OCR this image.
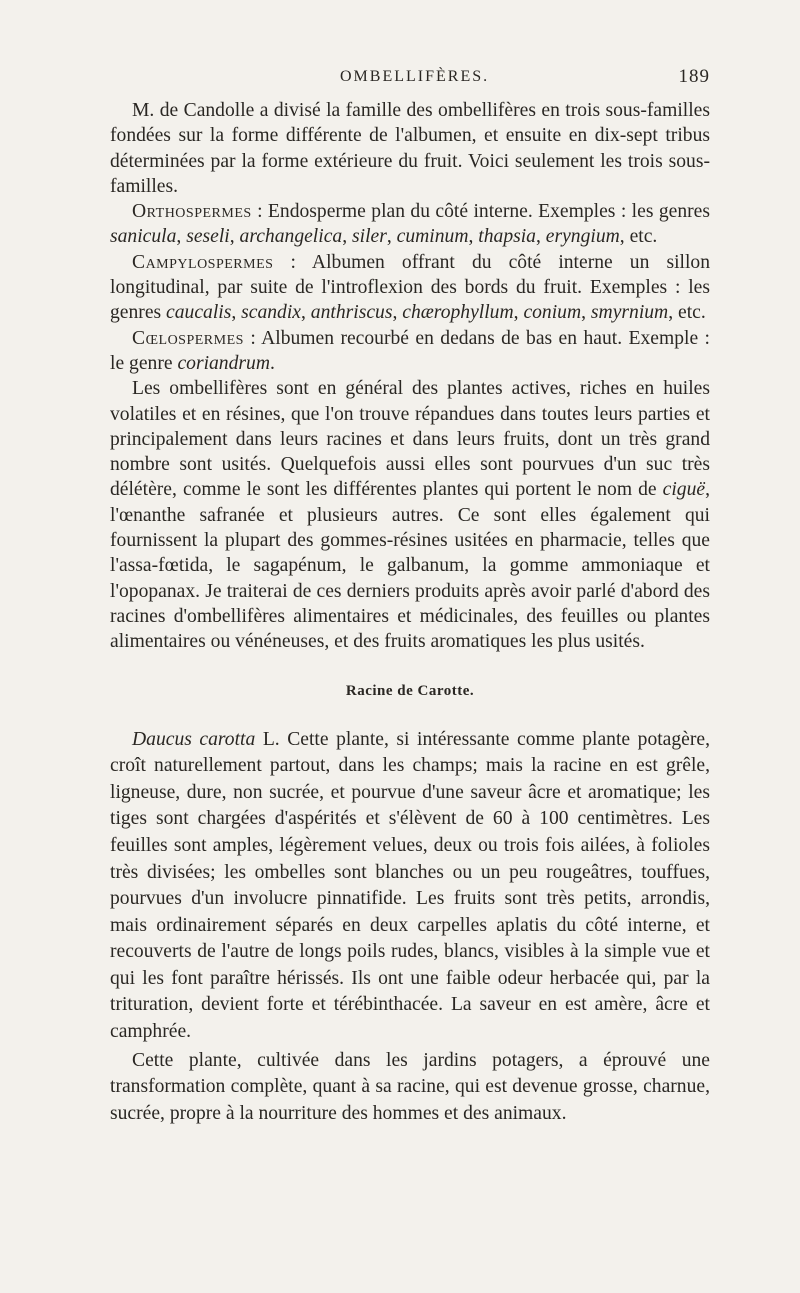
OMBELLIFÈRES.	189

M. de Candolle a divisé la famille des ombellifères en trois sous-familles fondées sur la forme différente de l'albumen, et ensuite en dix-sept tribus déterminées par la forme extérieure du fruit. Voici seulement les trois sous-familles.

Orthospermes : Endosperme plan du côté interne. Exemples : les genres sanicula, seseli, archangelica, siler, cuminum, thapsia, eryngium, etc.

Campylospermes : Albumen offrant du côté interne un sillon longitudinal, par suite de l'introflexion des bords du fruit. Exemples : les genres caucalis, scandix, anthriscus, chærophyllum, conium, smyrnium, etc.

Cœlospermes : Albumen recourbé en dedans de bas en haut. Exemple : le genre coriandrum.

Les ombellifères sont en général des plantes actives, riches en huiles volatiles et en résines, que l'on trouve répandues dans toutes leurs parties et principalement dans leurs racines et dans leurs fruits, dont un très grand nombre sont usités. Quelquefois aussi elles sont pourvues d'un suc très délétère, comme le sont les différentes plantes qui portent le nom de ciguë, l'œnanthe safranée et plusieurs autres. Ce sont elles également qui fournissent la plupart des gommes-résines usitées en pharmacie, telles que l'assa-fœtida, le sagapénum, le galbanum, la gomme ammoniaque et l'opopanax. Je traiterai de ces derniers produits après avoir parlé d'abord des racines d'ombellifères alimentaires et médicinales, des feuilles ou plantes alimentaires ou vénéneuses, et des fruits aromatiques les plus usités.

Racine de Carotte.

Daucus carotta L. Cette plante, si intéressante comme plante potagère, croît naturellement partout, dans les champs; mais la racine en est grêle, ligneuse, dure, non sucrée, et pourvue d'une saveur âcre et aromatique; les tiges sont chargées d'aspérités et s'élèvent de 60 à 100 centimètres. Les feuilles sont amples, légèrement velues, deux ou trois fois ailées, à folioles très divisées; les ombelles sont blanches ou un peu rougeâtres, touffues, pourvues d'un involucre pinnatifide. Les fruits sont très petits, arrondis, mais ordinairement séparés en deux carpelles aplatis du côté interne, et recouverts de l'autre de longs poils rudes, blancs, visibles à la simple vue et qui les font paraître hérissés. Ils ont une faible odeur herbacée qui, par la trituration, devient forte et térébinthacée. La saveur en est amère, âcre et camphrée.

Cette plante, cultivée dans les jardins potagers, a éprouvé une transformation complète, quant à sa racine, qui est devenue grosse, charnue, sucrée, propre à la nourriture des hommes et des animaux.
